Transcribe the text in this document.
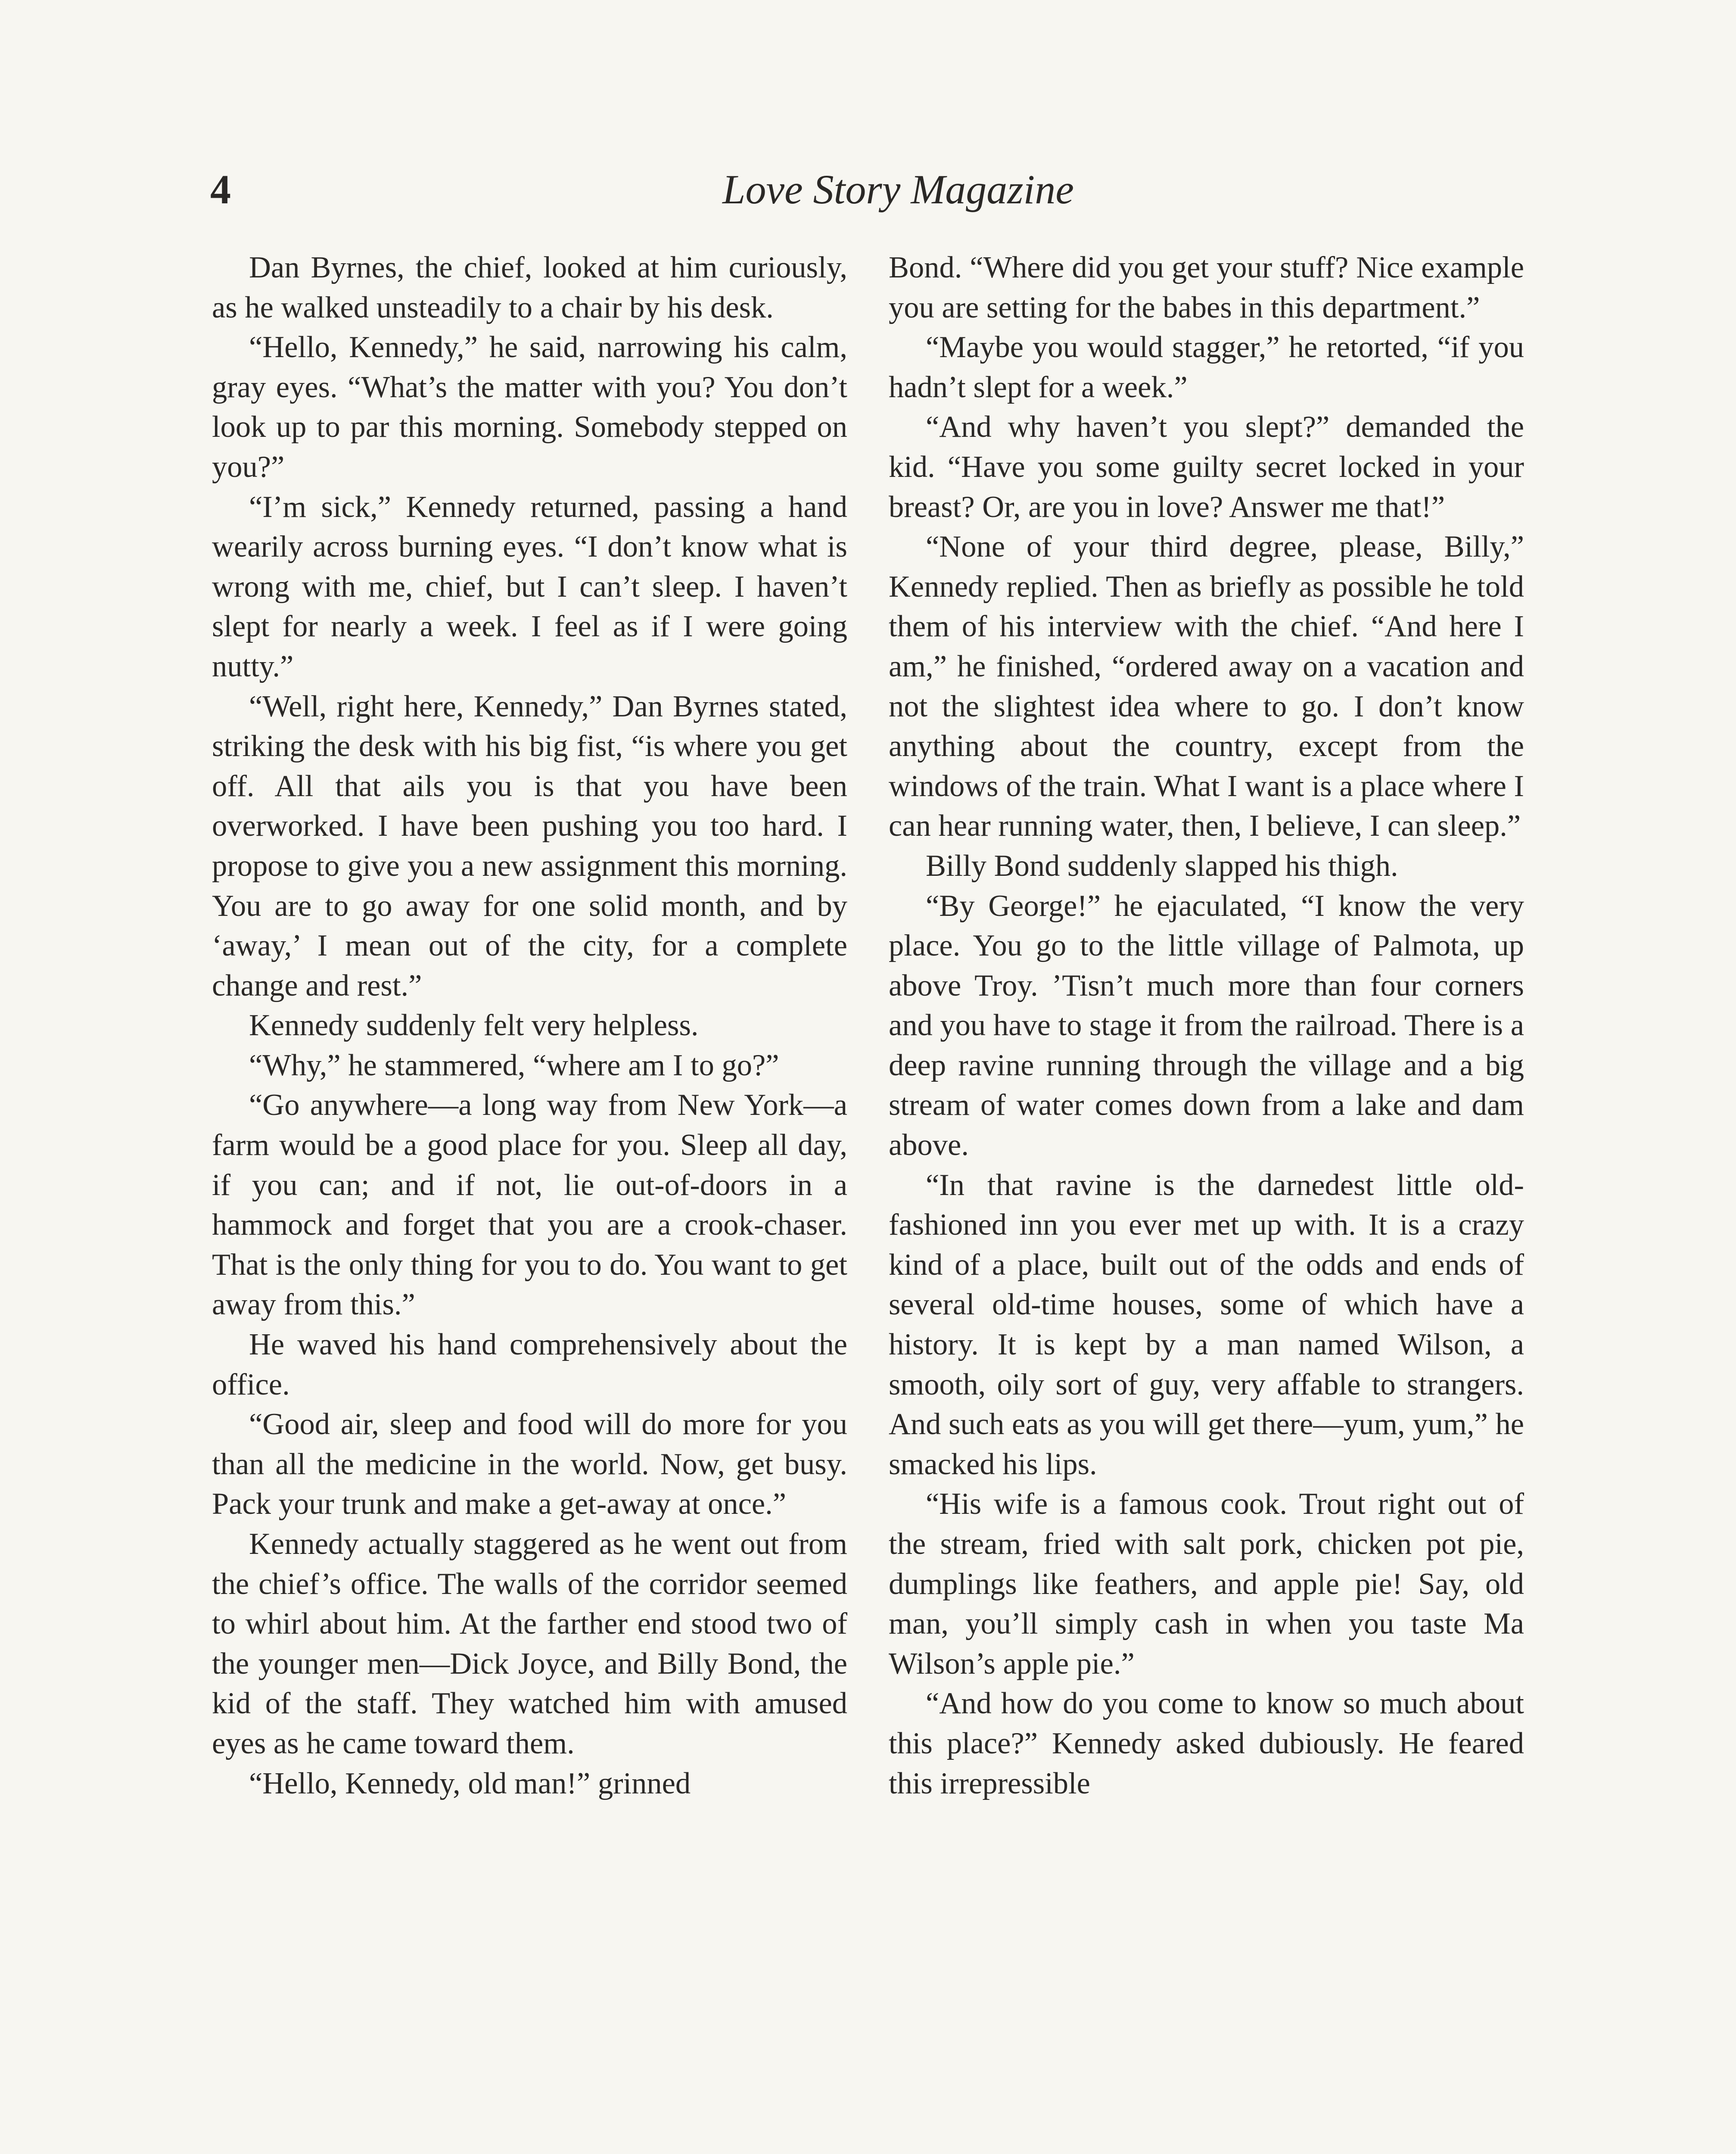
4	Love Story Magazine

Dan Byrnes, the chief, looked at him curiously, as he walked unsteadily to a chair by his desk.

“Hello, Kennedy,” he said, narrowing his calm, gray eyes. “What’s the matter with you? You don’t look up to par this morning. Somebody stepped on you?”

“I’m sick,” Kennedy returned, passing a hand wearily across burning eyes. “I don’t know what is wrong with me, chief, but I can’t sleep. I haven’t slept for nearly a week. I feel as if I were going nutty.”

“Well, right here, Kennedy,” Dan Byrnes stated, striking the desk with his big fist, “is where you get off. All that ails you is that you have been overworked. I have been pushing you too hard. I propose to give you a new assignment this morning. You are to go away for one solid month, and by ‘away,’ I mean out of the city, for a complete change and rest.”

Kennedy suddenly felt very helpless.

“Why,” he stammered, “where am I to go?”

“Go anywhere—a long way from New York—a farm would be a good place for you. Sleep all day, if you can; and if not, lie out-of-doors in a hammock and forget that you are a crook-chaser. That is the only thing for you to do. You want to get away from this.”

He waved his hand comprehensively about the office.

“Good air, sleep and food will do more for you than all the medicine in the world. Now, get busy. Pack your trunk and make a get-away at once.”

Kennedy actually staggered as he went out from the chief’s office. The walls of the corridor seemed to whirl about him. At the farther end stood two of the younger men—Dick Joyce, and Billy Bond, the kid of the staff. They watched him with amused eyes as he came toward them.

“Hello, Kennedy, old man!” grinned

Bond. “Where did you get your stuff? Nice example you are setting for the babes in this department.”

“Maybe you would stagger,” he retorted, “if you hadn’t slept for a week.”

“And why haven’t you slept?” demanded the kid. “Have you some guilty secret locked in your breast? Or, are you in love? Answer me that!”

“None of your third degree, please, Billy,” Kennedy replied. Then as briefly as possible he told them of his interview with the chief. “And here I am,” he finished, “ordered away on a vacation and not the slightest idea where to go. I don’t know anything about the country, except from the windows of the train. What I want is a place where I can hear running water, then, I believe, I can sleep.”

Billy Bond suddenly slapped his thigh.

“By George!” he ejaculated, “I know the very place. You go to the little village of Palmota, up above Troy. ’Tisn’t much more than four corners and you have to stage it from the railroad. There is a deep ravine running through the village and a big stream of water comes down from a lake and dam above.

“In that ravine is the darnedest little old-fashioned inn you ever met up with. It is a crazy kind of a place, built out of the odds and ends of several old-time houses, some of which have a history. It is kept by a man named Wilson, a smooth, oily sort of guy, very affable to strangers. And such eats as you will get there—yum, yum,” he smacked his lips.

“His wife is a famous cook. Trout right out of the stream, fried with salt pork, chicken pot pie, dumplings like feathers, and apple pie! Say, old man, you’ll simply cash in when you taste Ma Wilson’s apple pie.”

“And how do you come to know so much about this place?” Kennedy asked dubiously. He feared this irrepressible
